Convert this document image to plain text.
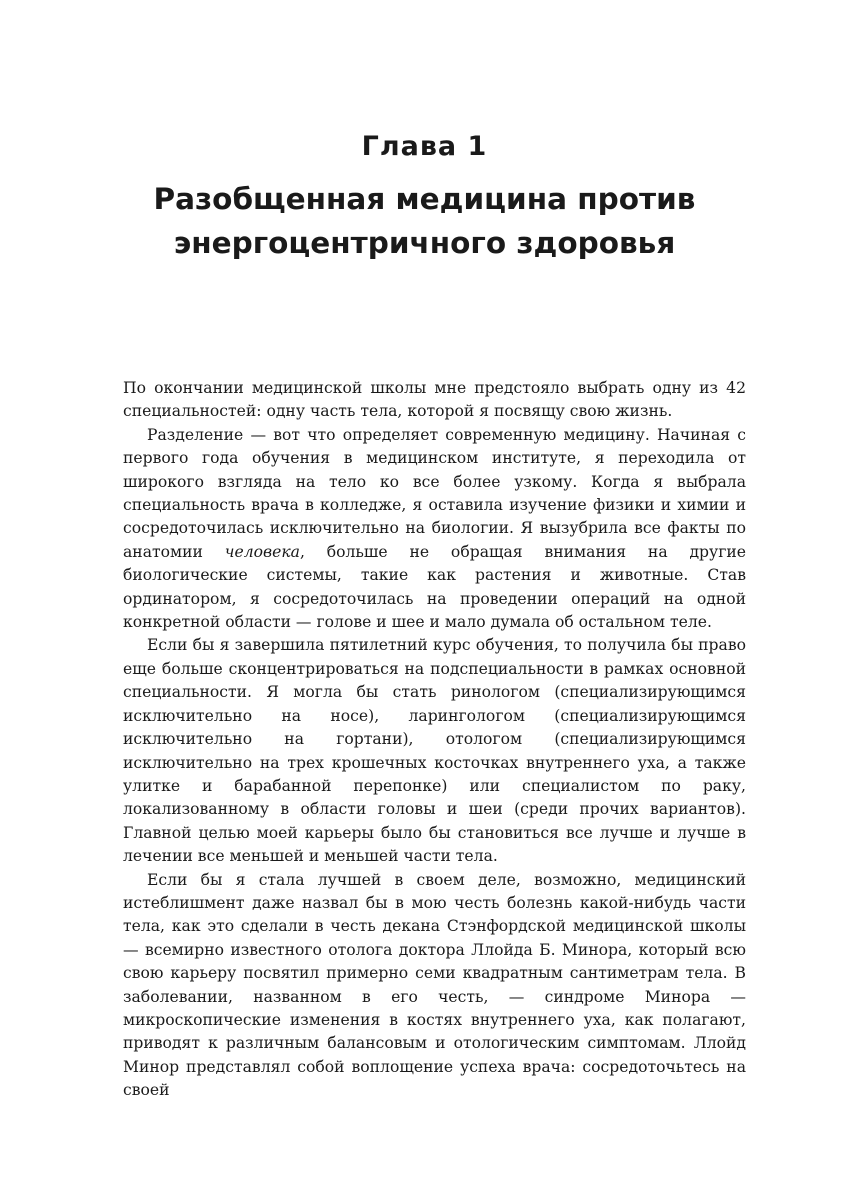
Глава 1
Разобщенная медицина против
энергоцентричного здоровья

По окончании медицинской школы мне предстояло выбрать одну из 42 специальностей: одну часть тела, которой я посвящу свою жизнь.

Разделение — вот что определяет современную медицину. Начиная с первого года обучения в медицинском институте, я переходила от широкого взгляда на тело ко все более узкому. Когда я выбрала специальность врача в колледже, я оставила изучение физики и химии и сосредоточилась исключительно на биологии. Я вызубрила все факты по анатомии человека, больше не обращая внимания на другие биологические системы, такие как растения и животные. Став ординатором, я сосредоточилась на проведении операций на одной конкретной области — голове и шее и мало думала об остальном теле.

Если бы я завершила пятилетний курс обучения, то получила бы право еще больше сконцентрироваться на подспециальности в рамках основной специальности. Я могла бы стать ринологом (специализирующимся исключительно на носе), ларингологом (специализирующимся исключительно на гортани), отологом (специализирующимся исключительно на трех крошечных косточках внутреннего уха, а также улитке и барабанной перепонке) или специалистом по раку, локализованному в области головы и шеи (среди прочих вариантов). Главной целью моей карьеры было бы становиться все лучше и лучше в лечении все меньшей и меньшей части тела.

Если бы я стала лучшей в своем деле, возможно, медицинский истеблишмент даже назвал бы в мою честь болезнь какой-нибудь части тела, как это сделали в честь декана Стэнфордской медицинской школы — всемирно известного отолога доктора Ллойда Б. Минора, который всю свою карьеру посвятил примерно семи квадратным сантиметрам тела. В заболевании, названном в его честь, — синдроме Минора — микроскопические изменения в костях внутреннего уха, как полагают, приводят к различным балансовым и отологическим симптомам. Ллойд Минор представлял собой воплощение успеха врача: сосредоточьтесь на своей
